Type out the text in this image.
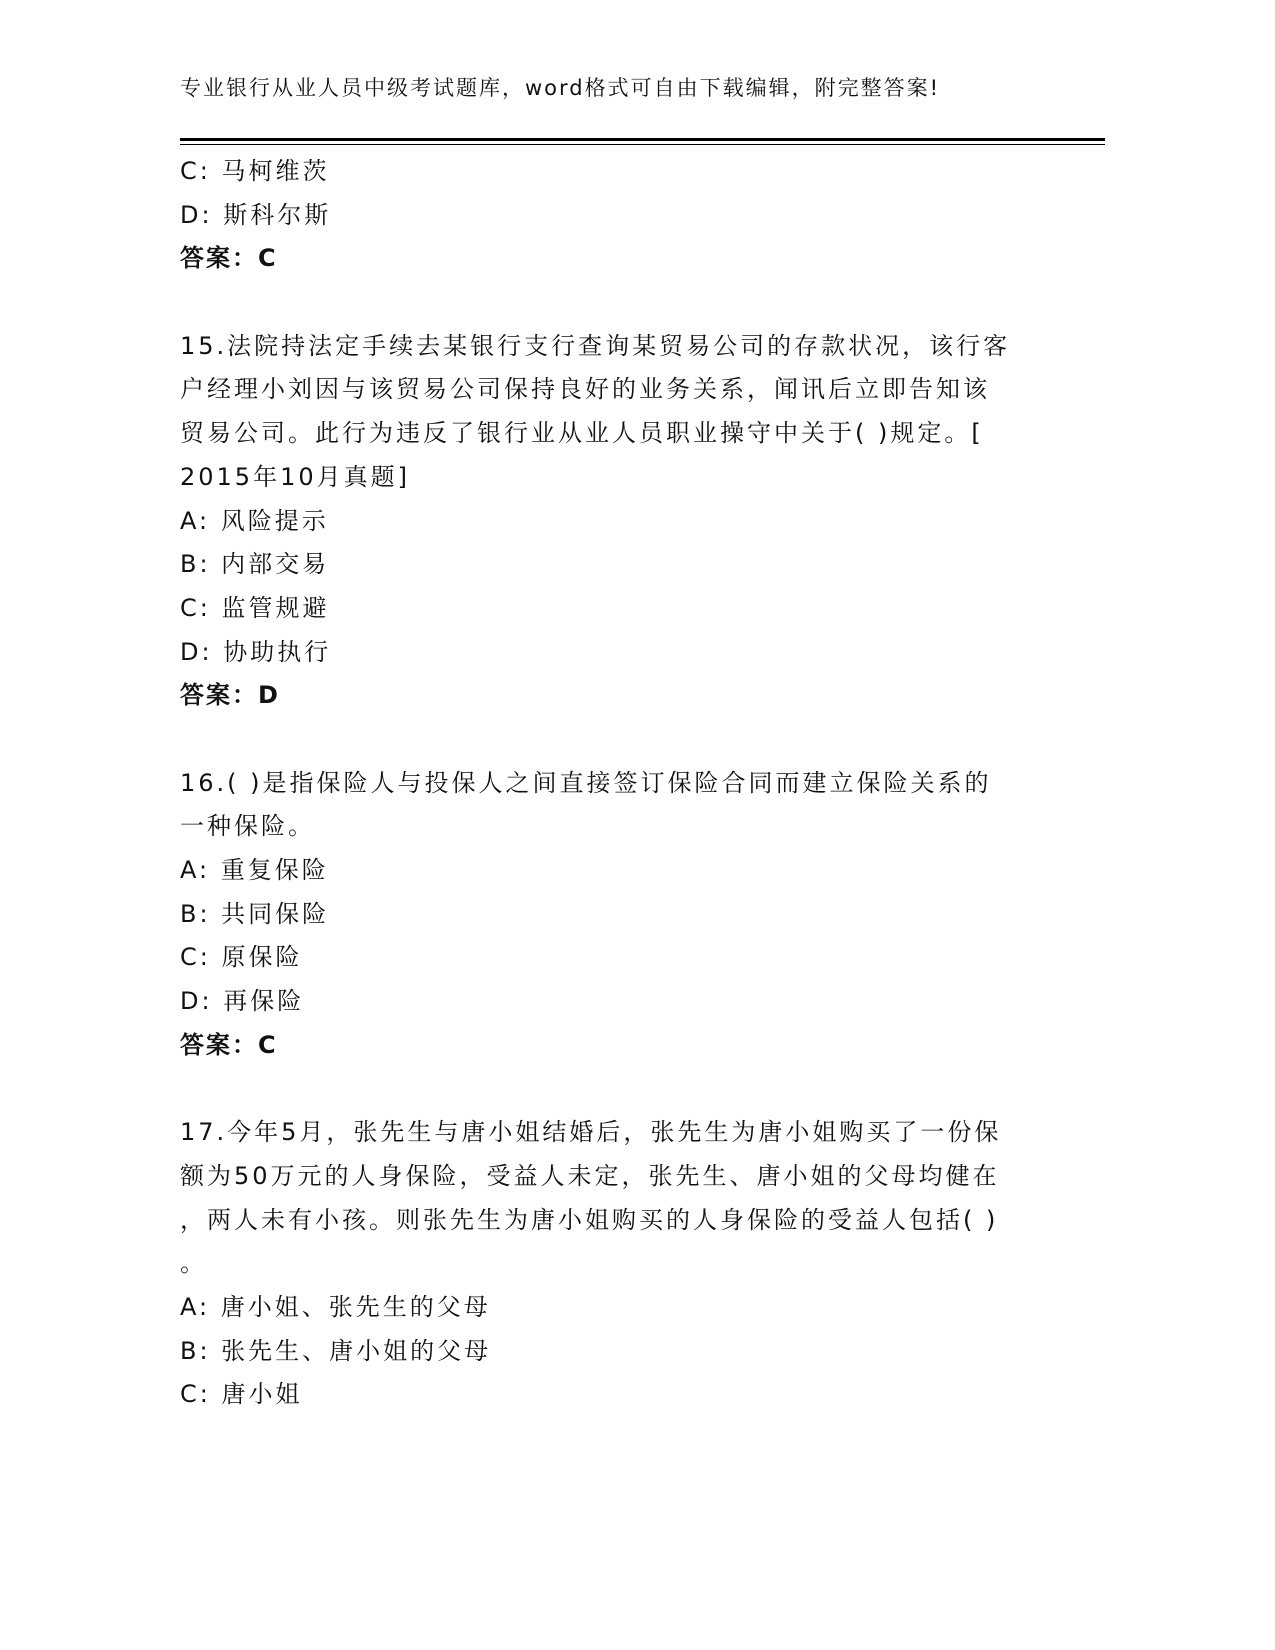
专业银行从业人员中级考试题库，word格式可自由下载编辑，附完整答案!
C: 马柯维茨
D: 斯科尔斯
答案：C
15.法院持法定手续去某银行支行查询某贸易公司的存款状况，该行客
户经理小刘因与该贸易公司保持良好的业务关系，闻讯后立即告知该
贸易公司。此行为违反了银行业从业人员职业操守中关于( )规定。[
2015年10月真题]
A: 风险提示
B: 内部交易
C: 监管规避
D: 协助执行
答案：D
16.( )是指保险人与投保人之间直接签订保险合同而建立保险关系的
一种保险。
A: 重复保险
B: 共同保险
C: 原保险
D: 再保险
答案：C
17.今年5月，张先生与唐小姐结婚后，张先生为唐小姐购买了一份保
额为50万元的人身保险，受益人未定，张先生、唐小姐的父母均健在
，两人未有小孩。则张先生为唐小姐购买的人身保险的受益人包括( )
。
A: 唐小姐、张先生的父母
B: 张先生、唐小姐的父母
C: 唐小姐
